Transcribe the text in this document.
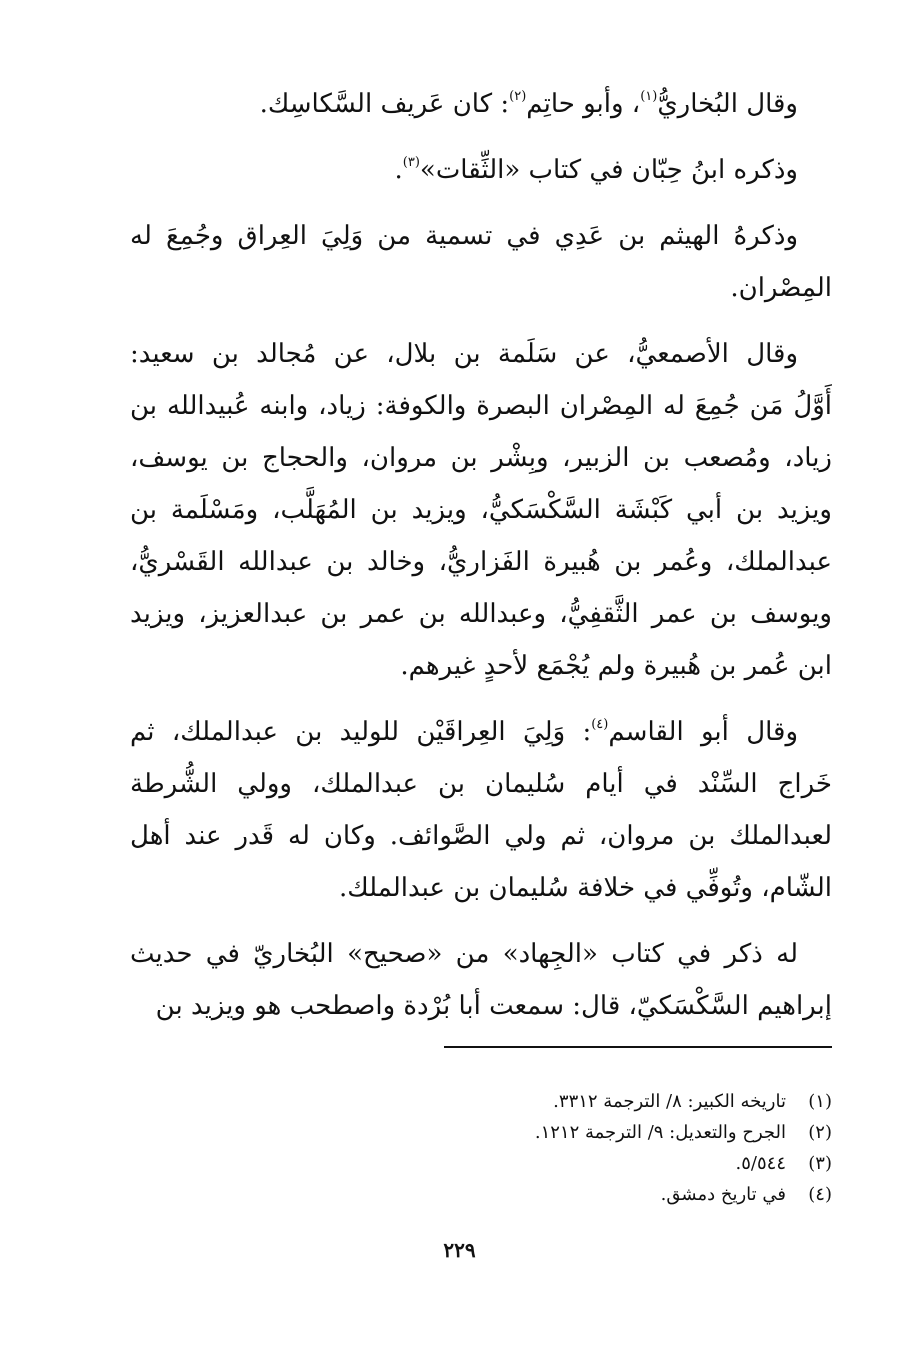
وقال البُخاريُّ$^{(١)}$، وأبو حاتِم$^{(٢)}$: كان عَريف السَّكاسِك.
وذكره ابنُ حِبّان في كتاب «الثِّقات»$^{(٣)}$.
وذكرهُ الهيثم بن عَدِي في تسمية من وَلِيَ العِراق وجُمِعَ له
المِصْران.
وقال الأصمعيُّ، عن سَلَمة بن بلال، عن مُجالد بن سعيد:
أَوَّلُ مَن جُمِعَ له المِصْران البصرة والكوفة: زياد، وابنه عُبيدالله بن
زياد، ومُصعب بن الزبير، وبِشْر بن مروان، والحجاج بن يوسف،
ويزيد بن أبي كَبْشَة السَّكْسَكيُّ، ويزيد بن المُهَلَّب، ومَسْلَمة بن
عبدالملك، وعُمر بن هُبيرة الفَزاريُّ، وخالد بن عبدالله القَسْريُّ،
ويوسف بن عمر الثَّقفِيُّ، وعبدالله بن عمر بن عبدالعزيز، ويزيد
ابن عُمر بن هُبيرة ولم يُجْمَع لأحدٍ غيرهم.
وقال أبو القاسم$^{(٤)}$: وَلِيَ العِراقَيْن للوليد بن عبدالملك، ثم
خَراج السِّنْد في أيام سُليمان بن عبدالملك، وولي الشُّرطة
لعبدالملك بن مروان، ثم ولي الصَّوائف. وكان له قَدر عند أهل
الشّام، وتُوفِّي في خلافة سُليمان بن عبدالملك.
له ذكر في كتاب «الجِهاد» من «صحيح» البُخاريّ في حديث
إبراهيم السَّكْسَكيّ، قال: سمعت أبا بُرْدة واصطحب هو ويزيد بن
(١)تاريخه الكبير: ٨/ الترجمة ٣٣١٢.
(٢)الجرح والتعديل: ٩/ الترجمة ١٢١٢.
(٣)٥/٥٤٤.
(٤)في تاريخ دمشق.
٢٢٩
